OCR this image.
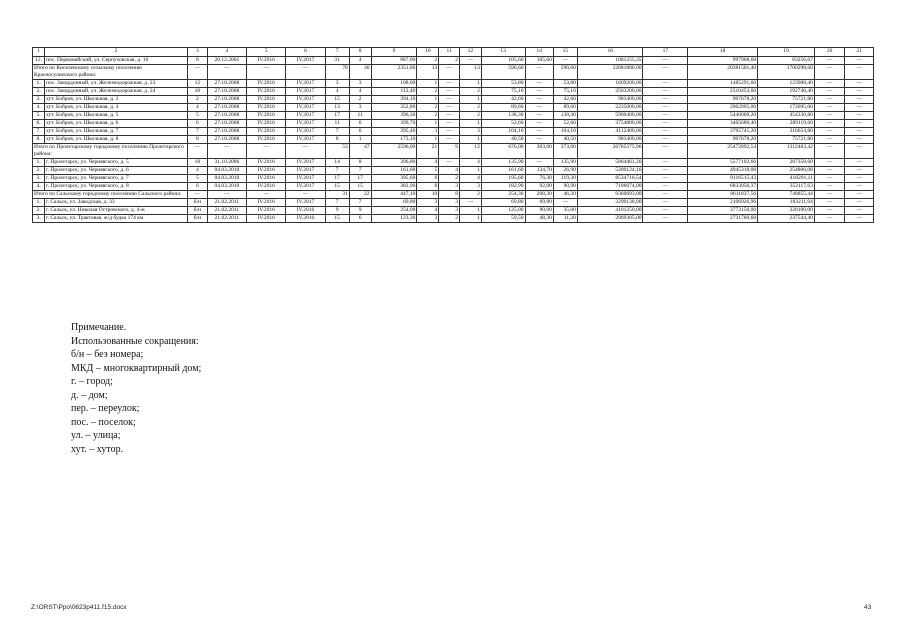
1	2	3	4	5	6	7	8	9	10	11	12	13	14	15	16	17	18	19	20	21
12.	пос. Первомайский, ул. Серпуховская, д. 16	8	20.12.2001	IV.2016	IV.2017	31	4	887,00	2	2	—	105,60	105,60	—	1081255,35	—	997968,68	83256,67	—	—
Итого по Киселевскому сельскому поселению Красносулинского района:		—	—	—	—	78	36	2351,80	13	—	13	596,60	—	596,60	22081800,00	—	20381501,40	1700298,60	—	—
1.	пос. Закордонный, ул. Железнодорожная, д. 23	12	27.10.2008	IV.2016	IV.2017	3	3	108,00	1	—	1	53,80	—	53,80	1609200,00	—	1485291,60	123908,40	—	—
2.	пос. Закордонный, ул. Железнодорожная, д. 24	10	27.10.2008	IV.2016	IV.2017	4	4	112,40	2	—	2	75,10	—	75,10	2503200,00	—	2310453,60	192746,40	—	—
3.	хут. Бобров, ул. Школьная, д. 2	2	27.10.2008	IV.2016	IV.2017	15	2	394,10	1	—	1	42,60	—	42,60	983400,00	—	907678,20	75721,80	—	—
4.	хут. Бобров, ул. Школьная, д. 4	4	27.10.2008	IV.2016	IV.2017	13	3	352,80	2	—	2	89,60	—	89,60	2235000,00	—	2062905,00	172095,00	—	—
5.	хут. Бобров, ул. Школьная, д. 5	5	27.10.2008	IV.2016	IV.2017	17	11	396,30	2	—	2	138,30	—	138,30	5900400,00	—	5446069,20	454330,80	—	—
6.	хут. Бобров, ул. Школьная, д. 6	6	27.10.2008	IV.2016	IV.2017	11	6	399,70	1	—	1	52,60	—	52,60	3754800,00	—	3465680,40	289119,60	—	—
7.	хут. Бобров, ул. Школьная, д. 7	7	27.10.2008	IV.2016	IV.2017	7	6	395,40	3	—	3	104,10	—	104,10	4112400,00	—	3795745,20	316654,80	—	—
8.	хут. Бобров, ул. Школьная, д. 8	8	27.10.2008	IV.2016	IV.2017	8	1	173,10	1	—	1	40,50	—	40,50	983400,00	—	907678,20	75721,80	—	—
Итого по Пролетарскому городскому поселению Пролетарского района:		—	—	—	—	53	47	2596,00	21	9	12	676,00	303,00	373,00	26785375,96	—	25472892,54	1312483,42	—	—
1.	г. Пролетарск, ул. Чернявского, д. 5	18	31.10.2006	IV.2016	IV.2017	14	8	396,80	4	—	4	135,90	—	135,90	5864461,26	—	5577102,66	287358,60	—	—
2.	г. Пролетарск, ул. Чернявского, д. 6	4	04.03.2010	IV.2016	IV.2017	7	7	161,60	5	4	1	161,60	134,70	26,90	5200124,16	—	4945318,08	254806,08	—	—
3.	г. Пролетарск, ул. Чернявского, д. 7	5	04.03.2010	IV.2016	IV.2017	17	17	395,60	6	2	4	195,60	76,30	119,30	8534716,54	—	8116515,43	418201,11	—	—
4.	г. Пролетарск, ул. Чернявского, д. 8	6	04.03.2010	IV.2016	IV.2017	15	15	382,90	6	3	3	182,90	92,00	90,90	7186074,00	—	6833956,37	352117,63	—	—
Итого по Сальскому городскому поселению Сальского района:		—	—	—	—	31	22	447,10	10	8	2	254,30	208,30	46,20	9360693,00	—	8611837,56	748855,44	—	—
1.	г. Сальск, ул. Заводская, д. 33	б/н	21.02.2011	IV.2016	IV.2017	7	7	69,80	3	3	—	69,80	69,80	—	2290138,00	—	2106926,96	183211,04	—	—
2.	г. Сальск, ул. Николая Островского, д. 4-ж	б/н	21.02.2011	IV.2016	IV.2016	9	9	254,00	4	3	1	125,00	90,00	35,00	4101250,00	—	3773150,00	328100,00	—	—
3.	г. Сальск, ул. Трактовая, ж/д будка 174 км	б/н	21.02.2011	IV.2016	IV.2016	15	6	123,30	3	2	1	59,50	48,30	11,20	2969305,00	—	2731760,60	237544,40	—	—
Примечание.
Использованные сокращения:
б/н – без номера;
МКД – многоквартирный дом;
г. – город;
д. – дом;
пер. – переулок;
пос. – поселок;
ул. – улица;
хут. – хутор.
Z:\ORST\Ppo\0623p411.f15.docx	43
